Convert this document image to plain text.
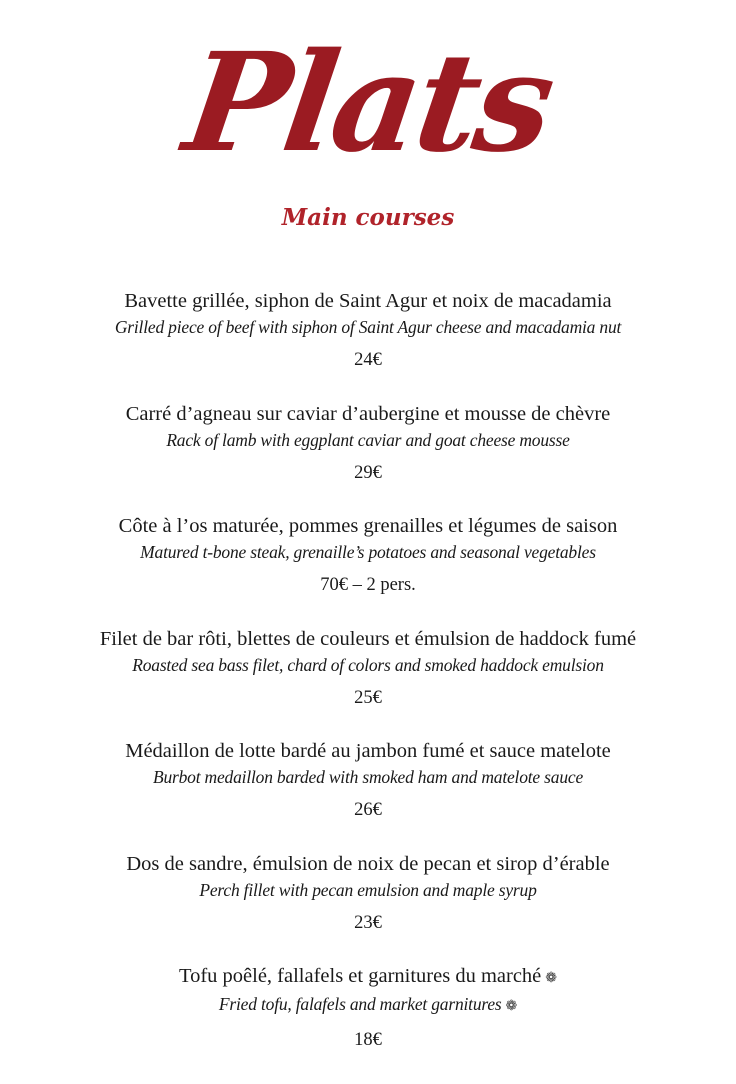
Plats
Main courses
Bavette grillée, siphon de Saint Agur et noix de macadamia
Grilled piece of beef with siphon of Saint Agur cheese and macadamia nut
24€
Carré d’agneau sur caviar d’aubergine et mousse de chèvre
Rack of lamb with eggplant caviar and goat cheese mousse
29€
Côte à l’os maturée, pommes grenailles et légumes de saison
Matured t-bone steak, grenaille’s potatoes and seasonal vegetables
70€ – 2 pers.
Filet de bar rôti, blettes de couleurs et émulsion de haddock fumé
Roasted sea bass filet, chard of colors and smoked haddock emulsion
25€
Médaillon de lotte bardé au jambon fumé et sauce matelote
Burbot medaillon barded with smoked ham and matelote sauce
26€
Dos de sandre, émulsion de noix de pecan et sirop d’érable
Perch fillet with pecan emulsion and maple syrup
23€
Tofu poêlé, fallafels et garnitures du marché ❁
Fried tofu, falafels and market garnitures ❁
18€
